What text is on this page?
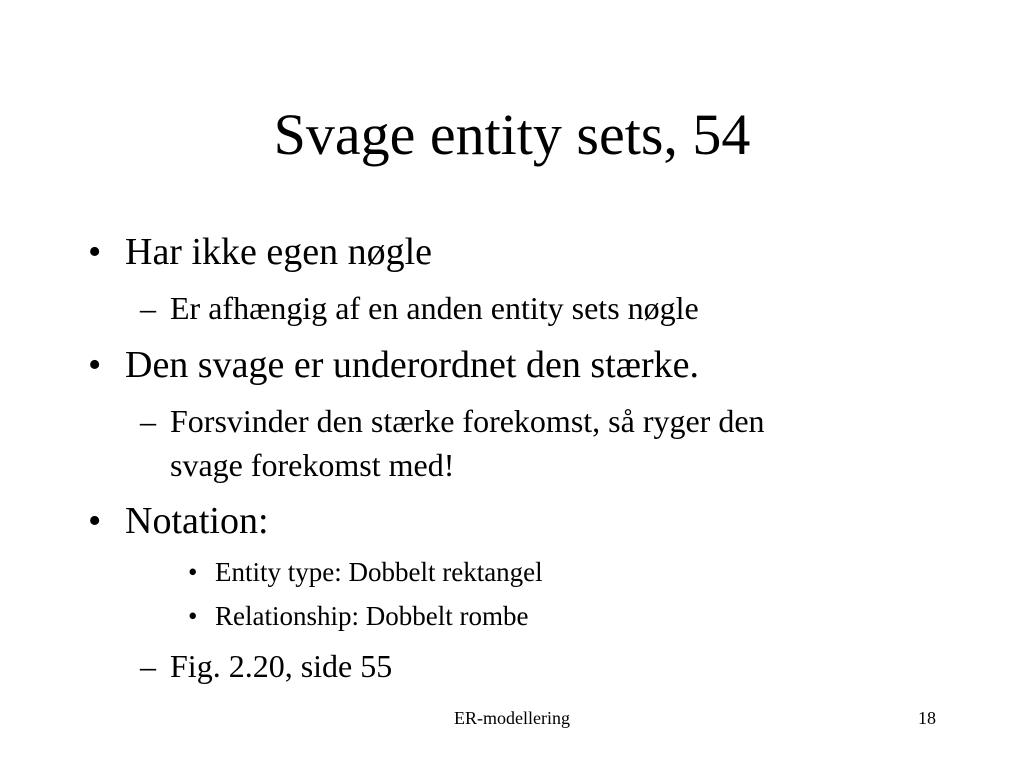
Svage entity sets, 54
• Har ikke egen nøgle
– Er afhængig af en anden entity sets nøgle
• Den svage er underordnet den stærke.
– Forsvinder den stærke forekomst, så ryger den
svage forekomst med!
• Notation:
• Entity type: Dobbelt rektangel
• Relationship: Dobbelt rombe
– Fig. 2.20, side 55
ER-modellering	18
